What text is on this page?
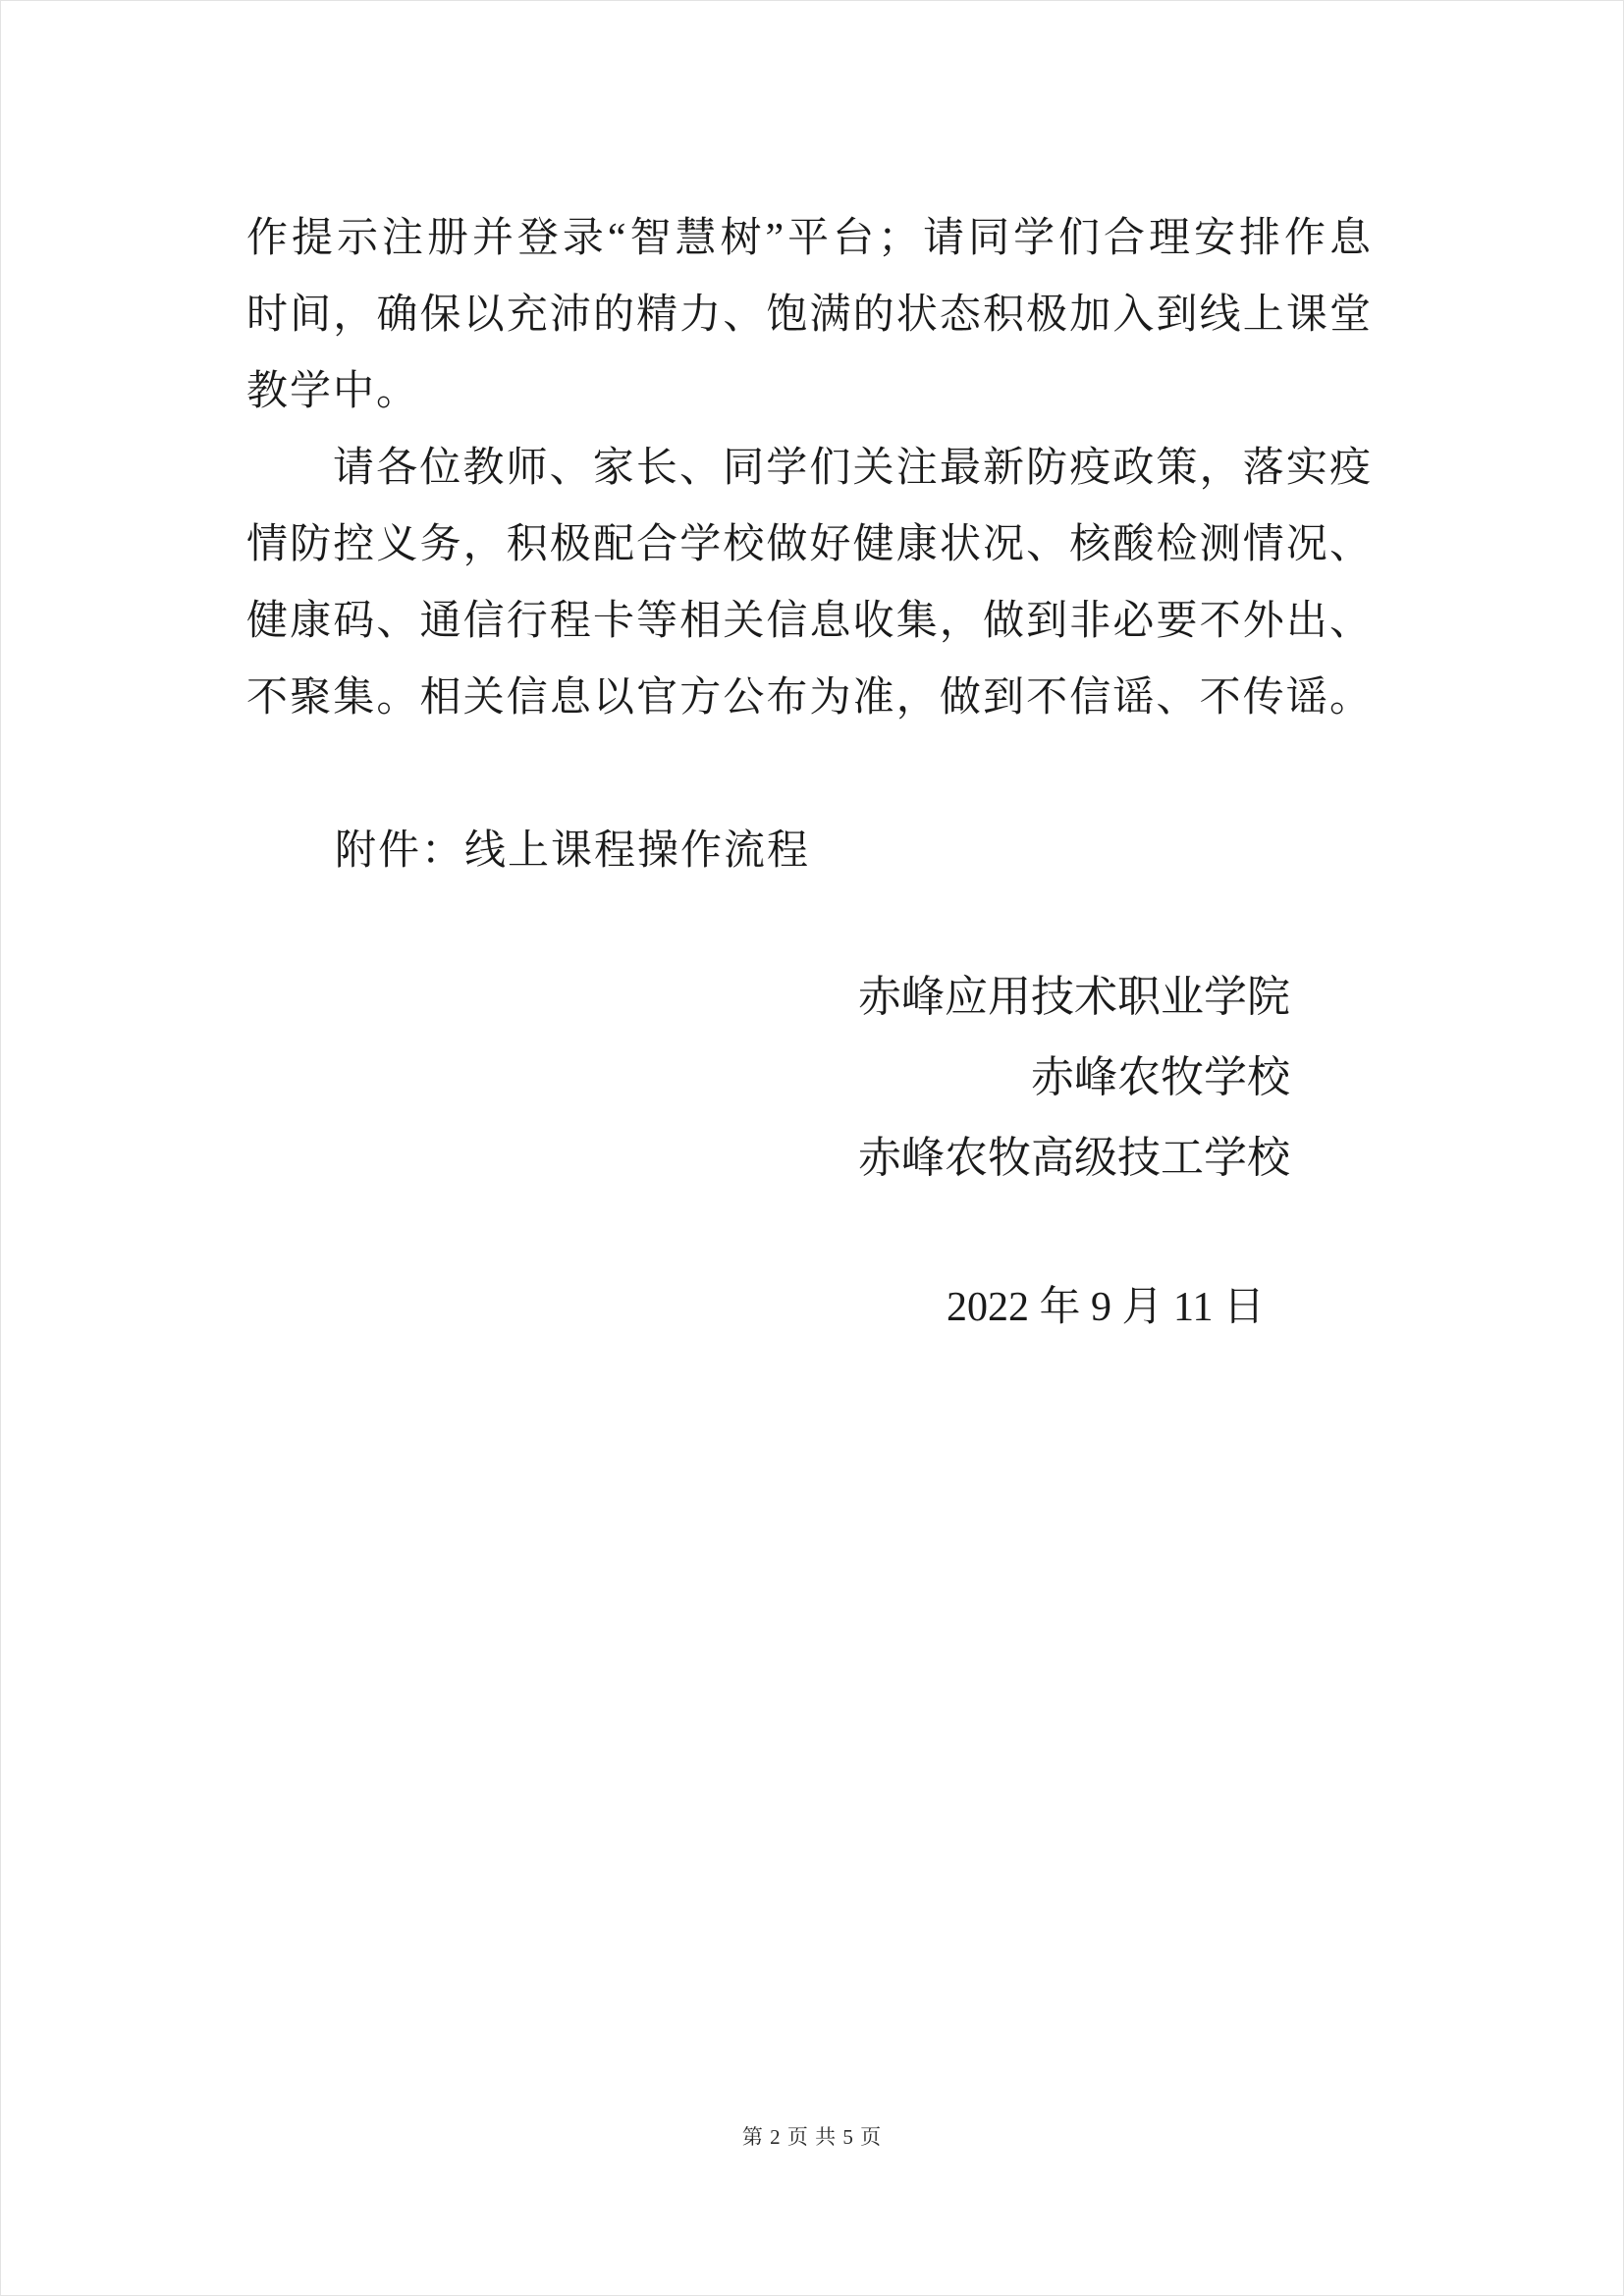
作提示注册并登录“智慧树”平台；请同学们合理安排作息
时间，确保以充沛的精力、饱满的状态积极加入到线上课堂
教学中。
请各位教师、家长、同学们关注最新防疫政策，落实疫
情防控义务，积极配合学校做好健康状况、核酸检测情况、
健康码、通信行程卡等相关信息收集，做到非必要不外出、
不聚集。相关信息以官方公布为准，做到不信谣、不传谣。
附件：线上课程操作流程
赤峰应用技术职业学院
赤峰农牧学校
赤峰农牧高级技工学校
2022 年 9 月 11 日
第 2 页 共 5 页
